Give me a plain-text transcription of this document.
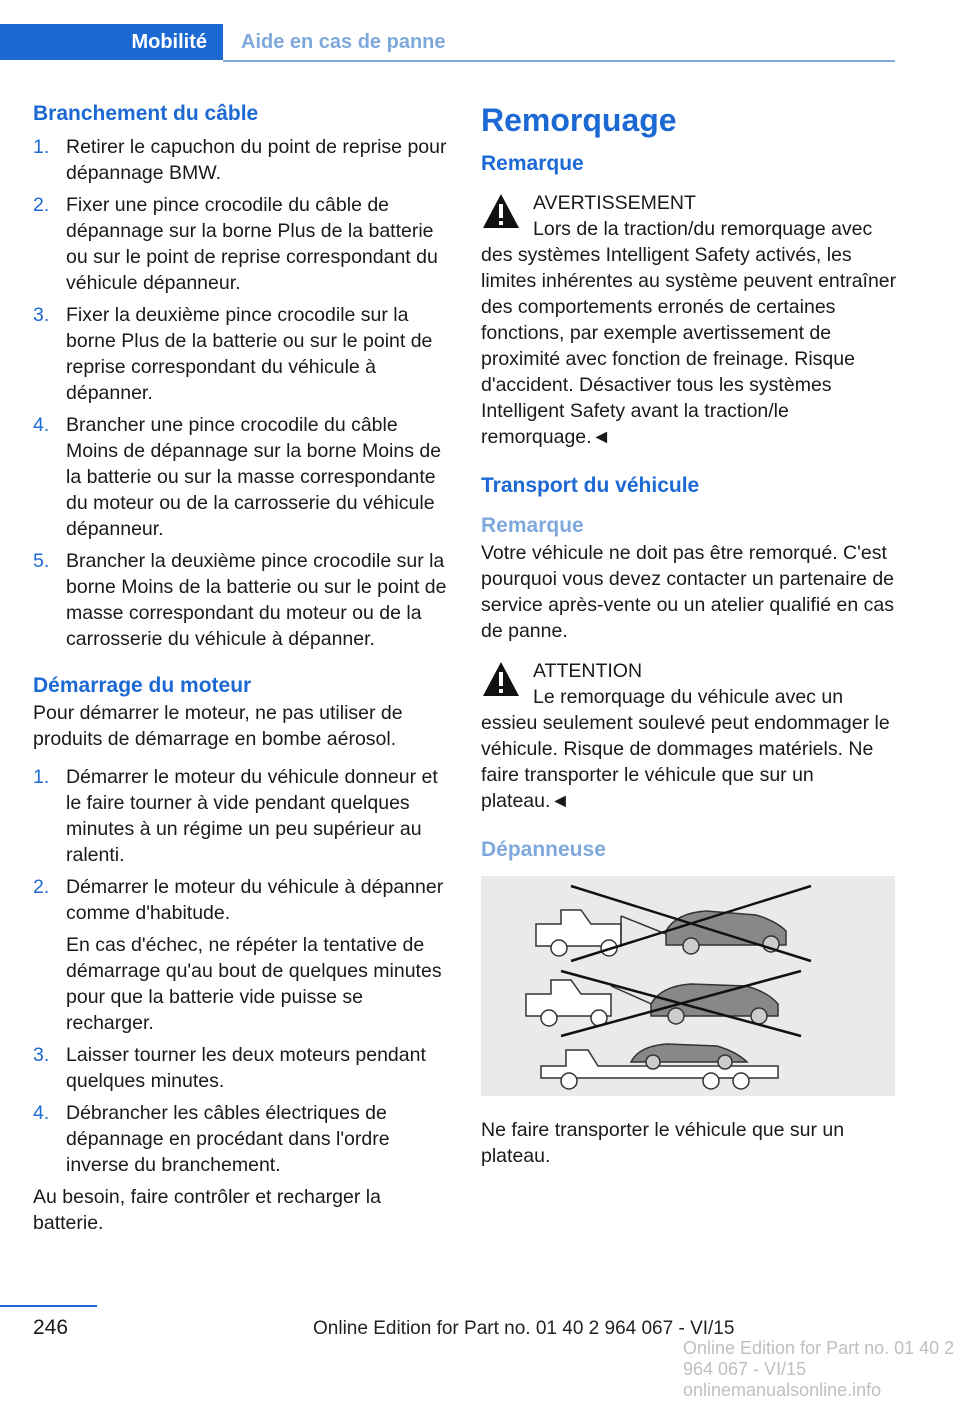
Mobilité	Aide en cas de panne
Branchement du câble
1. Retirer le capuchon du point de reprise pour dépannage BMW.
2. Fixer une pince crocodile du câble de dépannage sur la borne Plus de la batterie ou sur le point de reprise correspondant du véhicule dépanneur.
3. Fixer la deuxième pince crocodile sur la borne Plus de la batterie ou sur le point de reprise correspondant du véhicule à dépanner.
4. Brancher une pince crocodile du câble Moins de dépannage sur la borne Moins de la batterie ou sur la masse correspondante du moteur ou de la carrosserie du véhicule dépanneur.
5. Brancher la deuxième pince crocodile sur la borne Moins de la batterie ou sur le point de masse correspondant du moteur ou de la carrosserie du véhicule à dépanner.
Démarrage du moteur

Pour démarrer le moteur, ne pas utiliser de produits de démarrage en bombe aérosol.

1. Démarrer le moteur du véhicule donneur et le faire tourner à vide pendant quelques minutes à un régime un peu supérieur au ralenti.
2. Démarrer le moteur du véhicule à dépanner comme d'habitude.
En cas d'échec, ne répéter la tentative de démarrage qu'au bout de quelques minutes pour que la batterie vide puisse se recharger.
3. Laisser tourner les deux moteurs pendant quelques minutes.
4. Débrancher les câbles électriques de dépannage en procédant dans l'ordre inverse du branchement.

Au besoin, faire contrôler et recharger la batterie.

Remorquage
Remarque
AVERTISSEMENT
Lors de la traction/du remorquage avec des systèmes Intelligent Safety activés, les limites inhérentes au système peuvent entraîner des comportements erronés de certaines fonctions, par exemple avertissement de proximité avec fonction de freinage. Risque d'accident. Désactiver tous les systèmes Intelligent Safety avant la traction/le remorquage.◄
Transport du véhicule
Remarque

Votre véhicule ne doit pas être remorqué. C'est pourquoi vous devez contacter un partenaire de service après-vente ou un atelier qualifié en cas de panne.

ATTENTION
Le remorquage du véhicule avec un essieu seulement soulevé peut endommager le véhicule. Risque de dommages matériels. Ne faire transporter le véhicule que sur un plateau.◄
Dépanneuse

Ne faire transporter le véhicule que sur un plateau.

246	Online Edition for Part no. 01 40 2 964 067 - VI/15
Online Edition for Part no. 01 40 2 964 067 - VI/15 onlinemanualsonline.info
